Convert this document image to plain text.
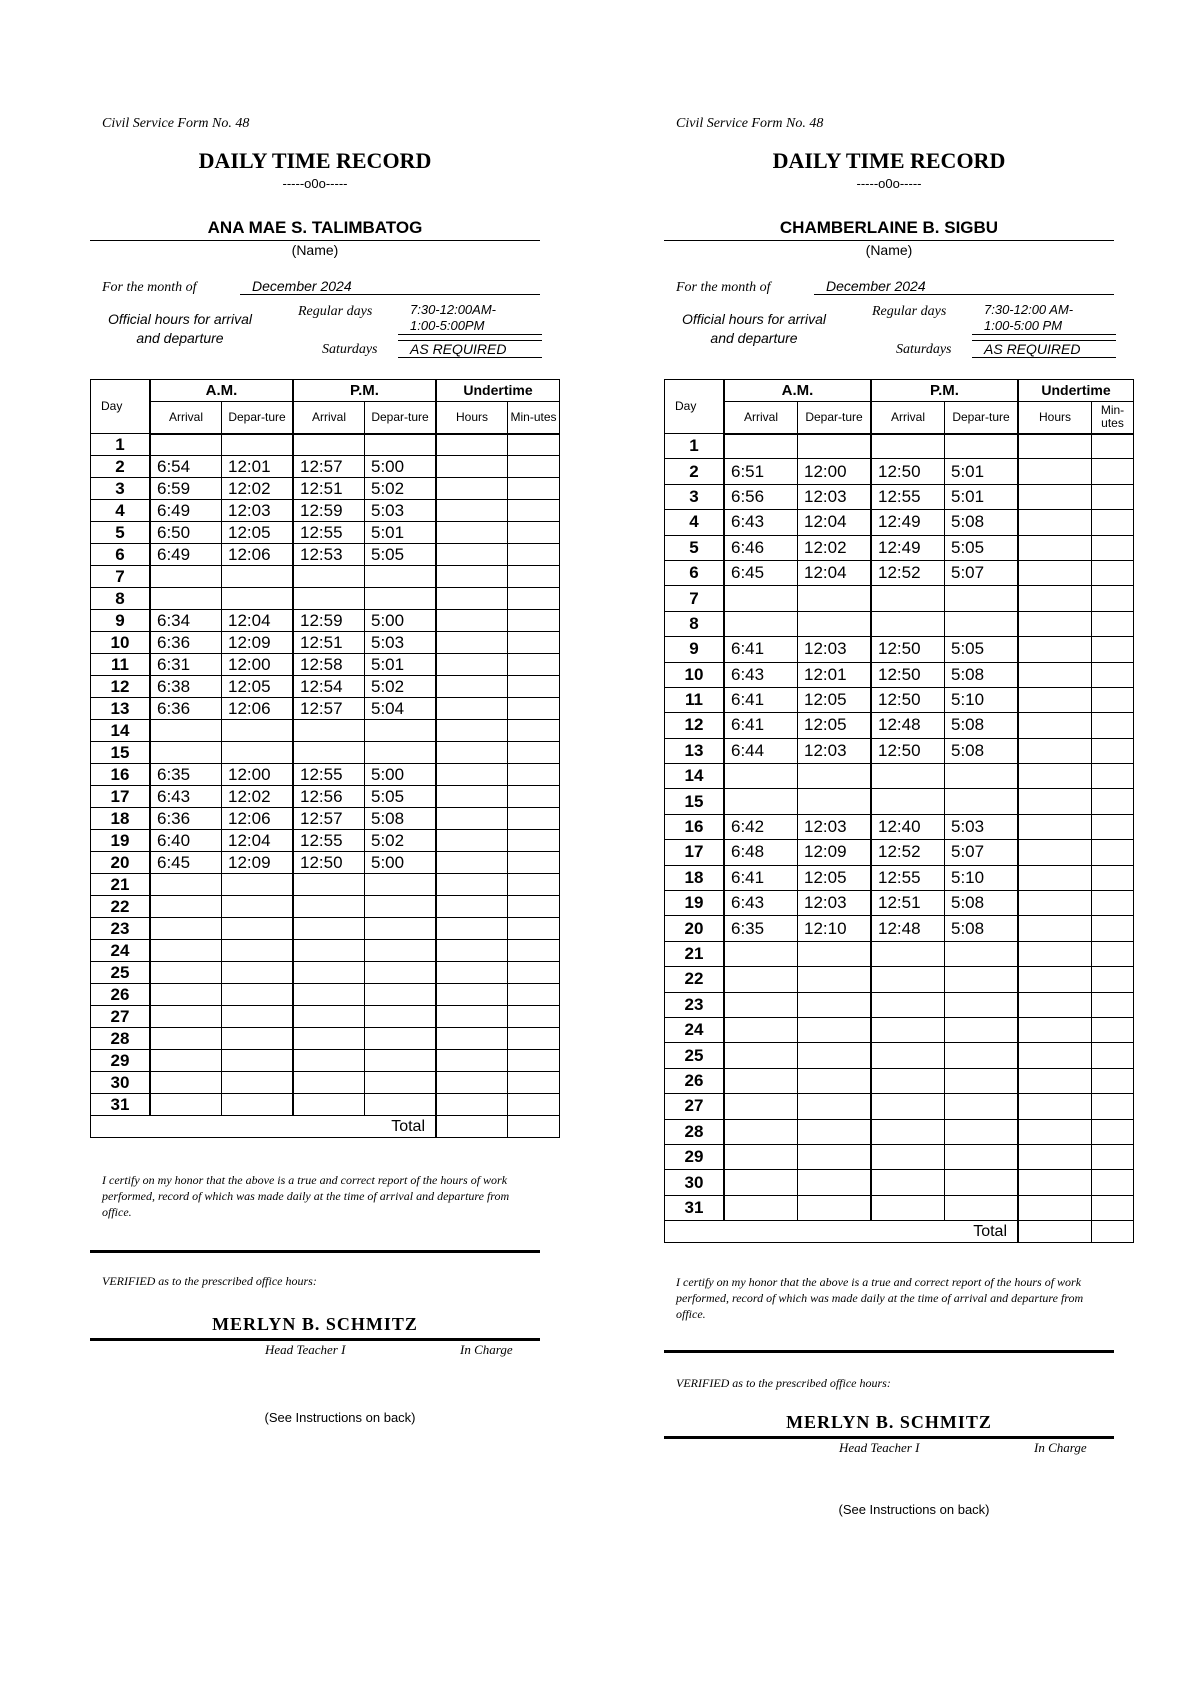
Civil Service Form No. 48
DAILY TIME RECORD
-----o0o-----
ANA MAE S. TALIMBATOG
(Name)
For the month of	December 2024
Official hours for arrival and departure
Regular days	7:30-12:00AM-
1:00-5:00PM
Saturdays	AS REQUIRED
Day	A.M.		P.M.		Undertime	
	Arrival	Depar-ture	Arrival	Depar-ture	Hours	Min-utes
1						
2	6:54	12:01	12:57	5:00		
3	6:59	12:02	12:51	5:02		
4	6:49	12:03	12:59	5:03		
5	6:50	12:05	12:55	5:01		
6	6:49	12:06	12:53	5:05		
7						
8						
9	6:34	12:04	12:59	5:00		
10	6:36	12:09	12:51	5:03		
11	6:31	12:00	12:58	5:01		
12	6:38	12:05	12:54	5:02		
13	6:36	12:06	12:57	5:04		
14						
15						
16	6:35	12:00	12:55	5:00		
17	6:43	12:02	12:56	5:05		
18	6:36	12:06	12:57	5:08		
19	6:40	12:04	12:55	5:02		
20	6:45	12:09	12:50	5:00		
21						
22						
23						
24						
25						
26						
27						
28						
29						
30						
31						
Total						
I certify on my honor that the above is a true and correct report of the hours of work performed, record of which was made daily at the time of arrival and departure from office.
VERIFIED as to the prescribed office hours:
MERLYN B. SCHMITZ
Head Teacher I	In Charge
(See Instructions on back)
Civil Service Form No. 48
DAILY TIME RECORD
-----o0o-----
CHAMBERLAINE B. SIGBU
(Name)
For the month of	December 2024
Official hours for arrival and departure
Regular days	7:30-12:00 AM-
1:00-5:00 PM
Saturdays	AS REQUIRED
Day	A.M.		P.M.		Undertime	
	Arrival	Depar-ture	Arrival	Depar-ture	Hours	Min-utes
1						
2	6:51	12:00	12:50	5:01		
3	6:56	12:03	12:55	5:01		
4	6:43	12:04	12:49	5:08		
5	6:46	12:02	12:49	5:05		
6	6:45	12:04	12:52	5:07		
7						
8						
9	6:41	12:03	12:50	5:05		
10	6:43	12:01	12:50	5:08		
11	6:41	12:05	12:50	5:10		
12	6:41	12:05	12:48	5:08		
13	6:44	12:03	12:50	5:08		
14						
15						
16	6:42	12:03	12:40	5:03		
17	6:48	12:09	12:52	5:07		
18	6:41	12:05	12:55	5:10		
19	6:43	12:03	12:51	5:08		
20	6:35	12:10	12:48	5:08		
21						
22						
23						
24						
25						
26						
27						
28						
29						
30						
31						
Total						
I certify on my honor that the above is a true and correct report of the hours of work performed, record of which was made daily at the time of arrival and departure from office.
VERIFIED as to the prescribed office hours:
MERLYN B. SCHMITZ
Head Teacher I	In Charge
(See Instructions on back)
